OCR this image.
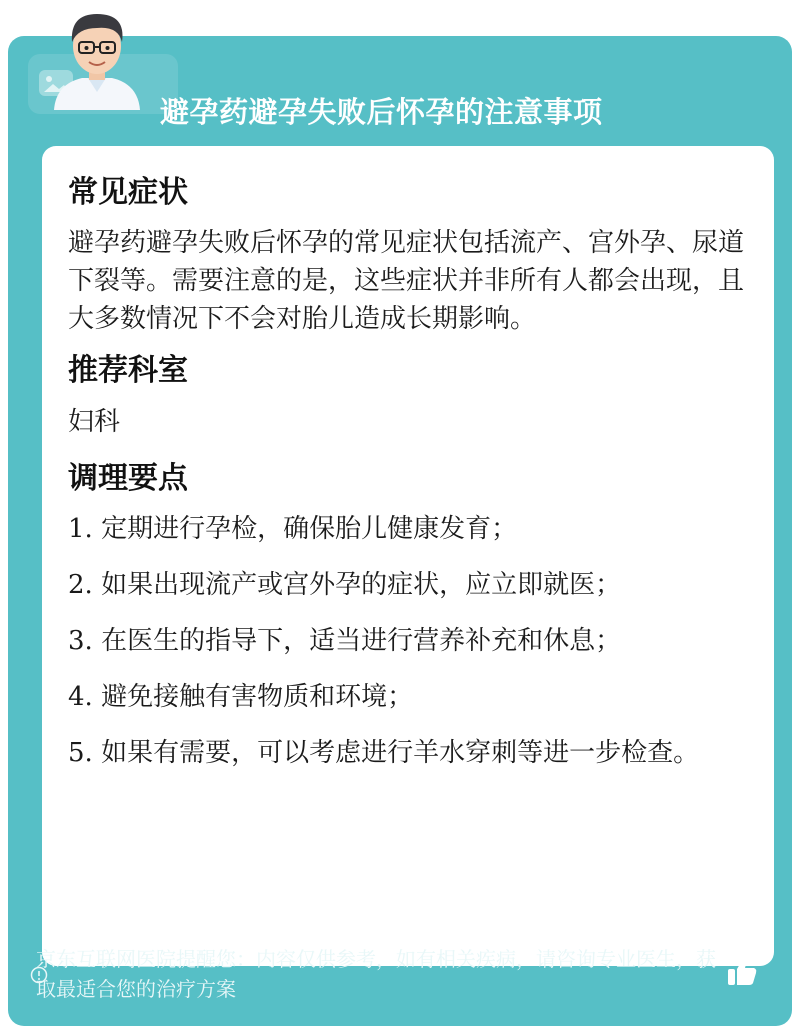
避孕药避孕失败后怀孕的注意事项
常见症状

避孕药避孕失败后怀孕的常见症状包括流产、宫外孕、尿道下裂等。需要注意的是，这些症状并非所有人都会出现，且大多数情况下不会对胎儿造成长期影响。

推荐科室
妇科
调理要点
1. 定期进行孕检，确保胎儿健康发育；
2. 如果出现流产或宫外孕的症状，应立即就医；
3. 在医生的指导下，适当进行营养补充和休息；
4. 避免接触有害物质和环境；
5. 如果有需要，可以考虑进行羊水穿刺等进一步检查。
京东互联网医院提醒您：内容仅供参考，如有相关疾病，请咨询专业医生，获取最适合您的治疗方案
